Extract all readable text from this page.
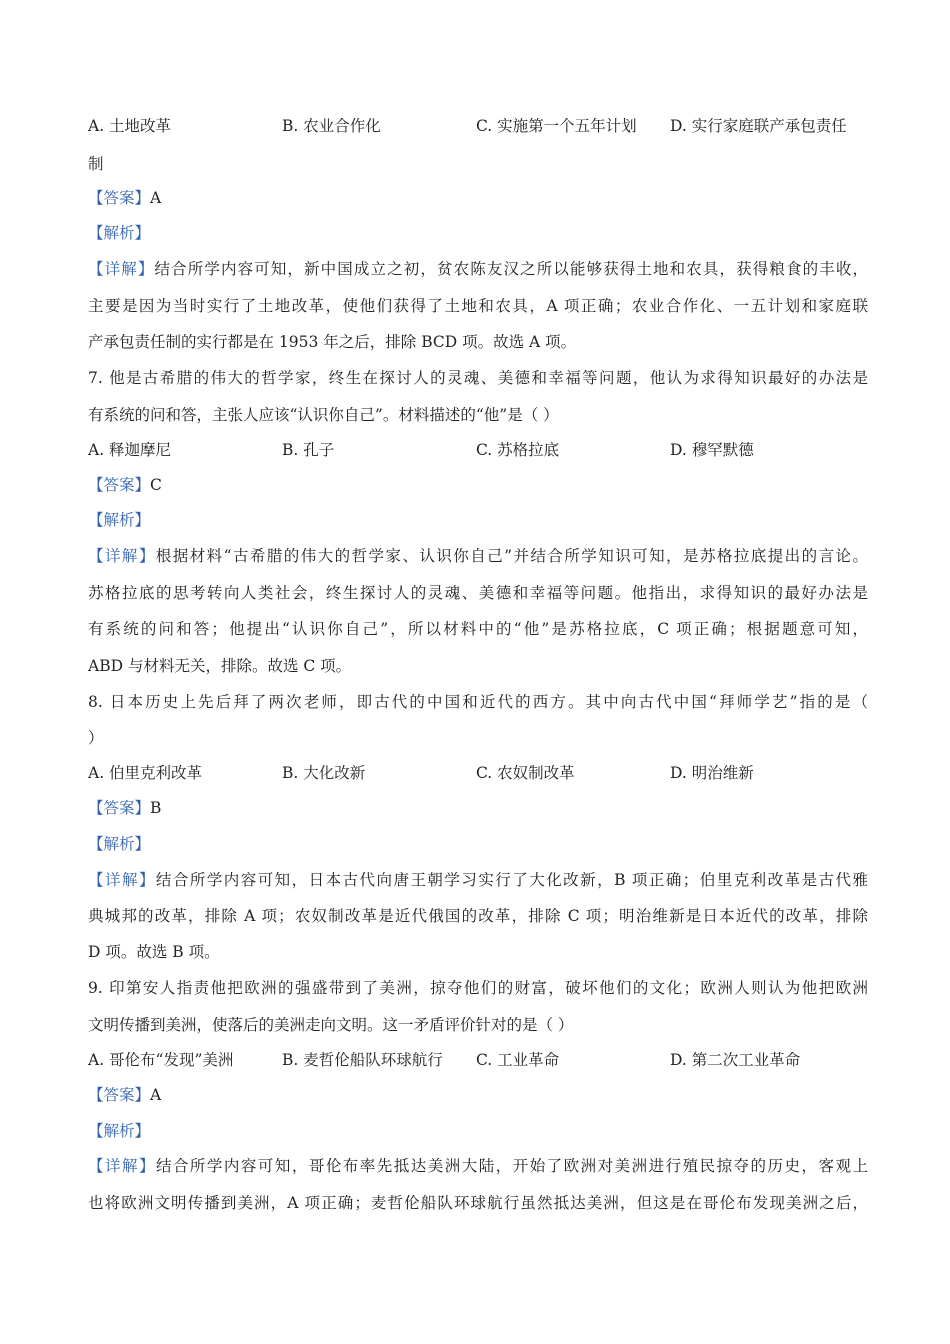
A. 土地改革	B. 农业合作化	C. 实施第一个五年计划 D. 实行家庭联产承包责任
制
【答案】A
【解析】
【详解】结合所学内容可知，新中国成立之初，贫农陈友汉之所以能够获得土地和农具，获得粮食的丰收，
主要是因为当时实行了土地改革，使他们获得了土地和农具，A 项正确；农业合作化、一五计划和家庭联
产承包责任制的实行都是在 1953 年之后，排除 BCD 项。故选 A 项。
7. 他是古希腊的伟大的哲学家，终生在探讨人的灵魂、美德和幸福等问题，他认为求得知识最好的办法是
有系统的问和答，主张人应该“认识你自己”。材料描述的“他”是（ ）
A. 释迦摩尼	B. 孔子	C. 苏格拉底	D. 穆罕默德
【答案】C
【解析】
【详解】根据材料“古希腊的伟大的哲学家、认识你自己”并结合所学知识可知，是苏格拉底提出的言论。
苏格拉底的思考转向人类社会，终生探讨人的灵魂、美德和幸福等问题。他指出，求得知识的最好办法是
有系统的问和答；他提出“认识你自己”，所以材料中的“他”是苏格拉底，C 项正确；根据题意可知，
ABD 与材料无关，排除。故选 C 项。
8. 日本历史上先后拜了两次老师，即古代的中国和近代的西方。其中向古代中国“拜师学艺”指的是（
）
A. 伯里克利改革	B. 大化改新	C. 农奴制改革	D. 明治维新
【答案】B
【解析】
【详解】结合所学内容可知，日本古代向唐王朝学习实行了大化改新，B 项正确；伯里克利改革是古代雅
典城邦的改革，排除 A 项；农奴制改革是近代俄国的改革，排除 C 项；明治维新是日本近代的改革，排除
D 项。故选 B 项。
9. 印第安人指责他把欧洲的强盛带到了美洲，掠夺他们的财富，破坏他们的文化；欧洲人则认为他把欧洲
文明传播到美洲，使落后的美洲走向文明。这一矛盾评价针对的是（ ）
A. 哥伦布“发现”美洲	B. 麦哲伦船队环球航行 C. 工业革命	D. 第二次工业革命
【答案】A
【解析】
【详解】结合所学内容可知，哥伦布率先抵达美洲大陆，开始了欧洲对美洲进行殖民掠夺的历史，客观上
也将欧洲文明传播到美洲，A 项正确；麦哲伦船队环球航行虽然抵达美洲，但这是在哥伦布发现美洲之后，
